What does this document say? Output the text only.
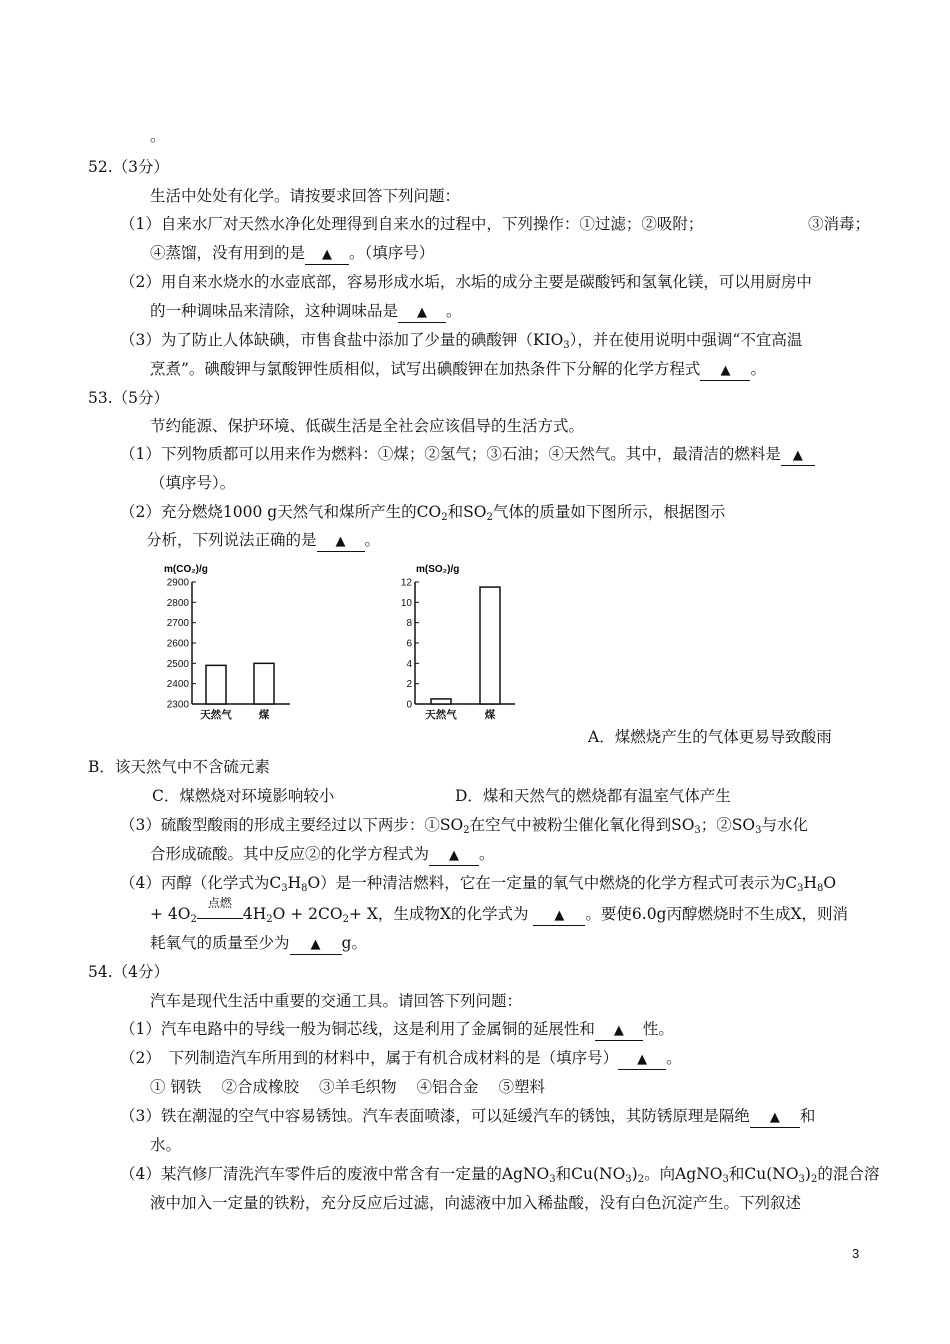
。
52.（3分）
生活中处处有化学。请按要求回答下列问题：
（1）自来水厂对天然水净化处理得到自来水的过程中，下列操作：①过滤；②吸附；	③消毒；
④蒸馏，没有用到的是 ▲ 。（填序号）
（2）用自来水烧水的水壶底部，容易形成水垢，水垢的成分主要是碳酸钙和氢氧化镁，可以用厨房中
的一种调味品来清除，这种调味品是 ▲ 。
（3）为了防止人体缺碘，市售食盐中添加了少量的碘酸钾$(KIO_3)$，并在使用说明中强调“不宜高温
烹煮”。碘酸钾与氯酸钾性质相似，试写出碘酸钾在加热条件下分解的化学方程式 ▲ 。
53.（5分）
节约能源、保护环境、低碳生活是全社会应该倡导的生活方式。
（1）下列物质都可以用来作为燃料：①煤；②氢气；③石油；④天然气。其中，最清洁的燃料是 ▲
（填序号）。
（2）充分燃烧1000 g天然气和煤所产生的$CO_2$和$SO_2$气体的质量如下图所示，根据图示
分析，下列说法正确的是 ▲ 。
m(CO₂)/g
2300
2400
2500
2600
2700
2800
2900
天然气	煤
m(SO₂)/g
0
2
4
6
8
10
12
天然气	煤
A．煤燃烧产生的气体更易导致酸雨
B．该天然气中不含硫元素
C．煤燃烧对环境影响较小	D．煤和天然气的燃烧都有温室气体产生
（3）硫酸型酸雨的形成主要经过以下两步：$①SO_2$在空气中被粉尘催化氧化得到$SO_3$；$②SO_3$与水化
合形成硫酸。其中反应②的化学方程式为 ▲ 。
（4）丙醇（化学式为$C_3H_8O$）是一种清洁燃料，它在一定量的氧气中燃烧的化学方程式可表示为$C_3H_8O$
+ $4O_2$
点燃
$4H_2O + 2CO_2+ X$，生成物X的化学式为 ▲ 。要使6.0g丙醇燃烧时不生成X，则消
耗氧气的质量至少为 ▲ g。
54.（4分）
汽车是现代生活中重要的交通工具。请回答下列问题：
（1）汽车电路中的导线一般为铜芯线，这是利用了金属铜的延展性和 ▲ 性。
（2）　下列制造汽车所用到的材料中，属于有机合成材料的是（填序号） ▲ 。
① 钢铁 ②合成橡胶 ③羊毛织物 ④铝合金 ⑤塑料
（3）铁在潮湿的空气中容易锈蚀。汽车表面喷漆，可以延缓汽车的锈蚀，其防锈原理是隔绝 ▲ 和
水。
（4）某汽修厂清洗汽车零件后的废液中常含有一定量的AgNO$_3$和$Cu(NO_3)_2$。向AgNO$_3$和$Cu(NO_3)_2$的混合溶
液中加入一定量的铁粉，充分反应后过滤，向滤液中加入稀盐酸，没有白色沉淀产生。下列叙述
3
